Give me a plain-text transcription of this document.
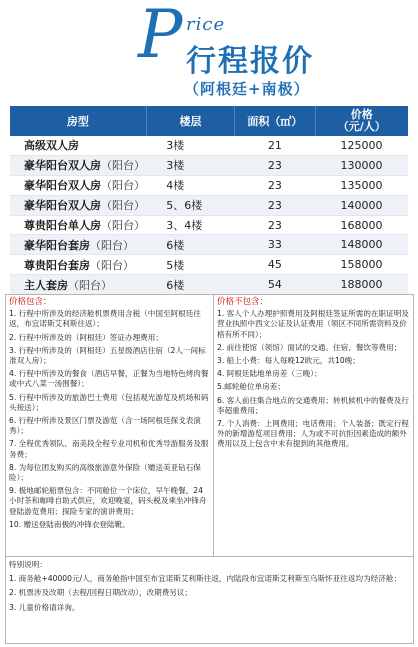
P rice
行程报价
（阿根廷+南极）
房型	楼层	面积（㎡）	价格
（元/人）
高级双人房	3楼	21	125000
豪华阳台双人房（阳台）	3楼	23	130000
豪华阳台双人房（阳台）	4楼	23	135000
豪华阳台双人房（阳台）	5、6楼	23	140000
尊贵阳台单人房（阳台）	3、4楼	23	168000
豪华阳台套房（阳台）	6楼	33	148000
尊贵阳台套房（阳台）	5楼	45	158000
主人套房（阳台）	6楼	54	188000
价格包含：

1. 行程中所涉及的经济舱机票费用含税（中国至阿根廷往返，布宜诺斯艾利斯往返）；

2. 行程中所涉及的（阿根廷）签证办理费用；

3. 行程中所涉及的（阿根廷）五星级酒店住宿（2人一间标准双人房）；

4. 行程中所涉及的餐食（酒店早餐，正餐为当地特色烤肉餐或中式八菜一汤围餐）；

5. 行程中所涉及的旅游巴士费用（包括观光游览及机场和码头接送）；

6. 行程中所涉及景区门票及游览（含一场阿根廷探戈表演秀）；

7. 全程优秀领队、南美段全程专业司机和优秀导游服务及服务费；

8. 为每位团友购买的高级旅游意外保险（赠送美亚钻石保险）；

9. 极地邮轮船票包含：不同舱位一个床位，早午晚餐，24小时茶和咖啡自助式供应，欢迎晚宴，码头税及乘坐冲锋舟登陆游览费用；探险专家的演讲费用；

10. 赠送登陆南极的冲锋衣登陆靴。

价格不包含：

1. 客人个人办理护照费用及阿根廷签证所需的在职证明及营业执照中西文公证及认证费用（领区不同所需资料及价格有所不同）；

2. 前往使馆（领馆）面试的交通、住宿、餐饮等费用；

3. 船上小费：每人每晚12欧元，共10晚；

4. 阿根廷陆地单房差（三晚）；

5.邮轮舱位单房差；

6. 客人前往集合地点的交通费用；转机候机中的餐费及行李超重费用；

7. 个人消费：上网费用；电话费用；个人装备；既定行程外的新增游览项目费用；人为或不可抗拒因素造成的额外费用以及上包含中未有提到的其他费用。

特别说明：

1. 商务舱+40000元/人，商务舱指中国至布宜诺斯艾利斯往返，内陆段布宜诺斯艾利斯至乌斯怀亚往返均为经济舱；

2. 机票涉及改期（去程/回程日期改动），改期费另议；

3. 儿童价格请详询。
